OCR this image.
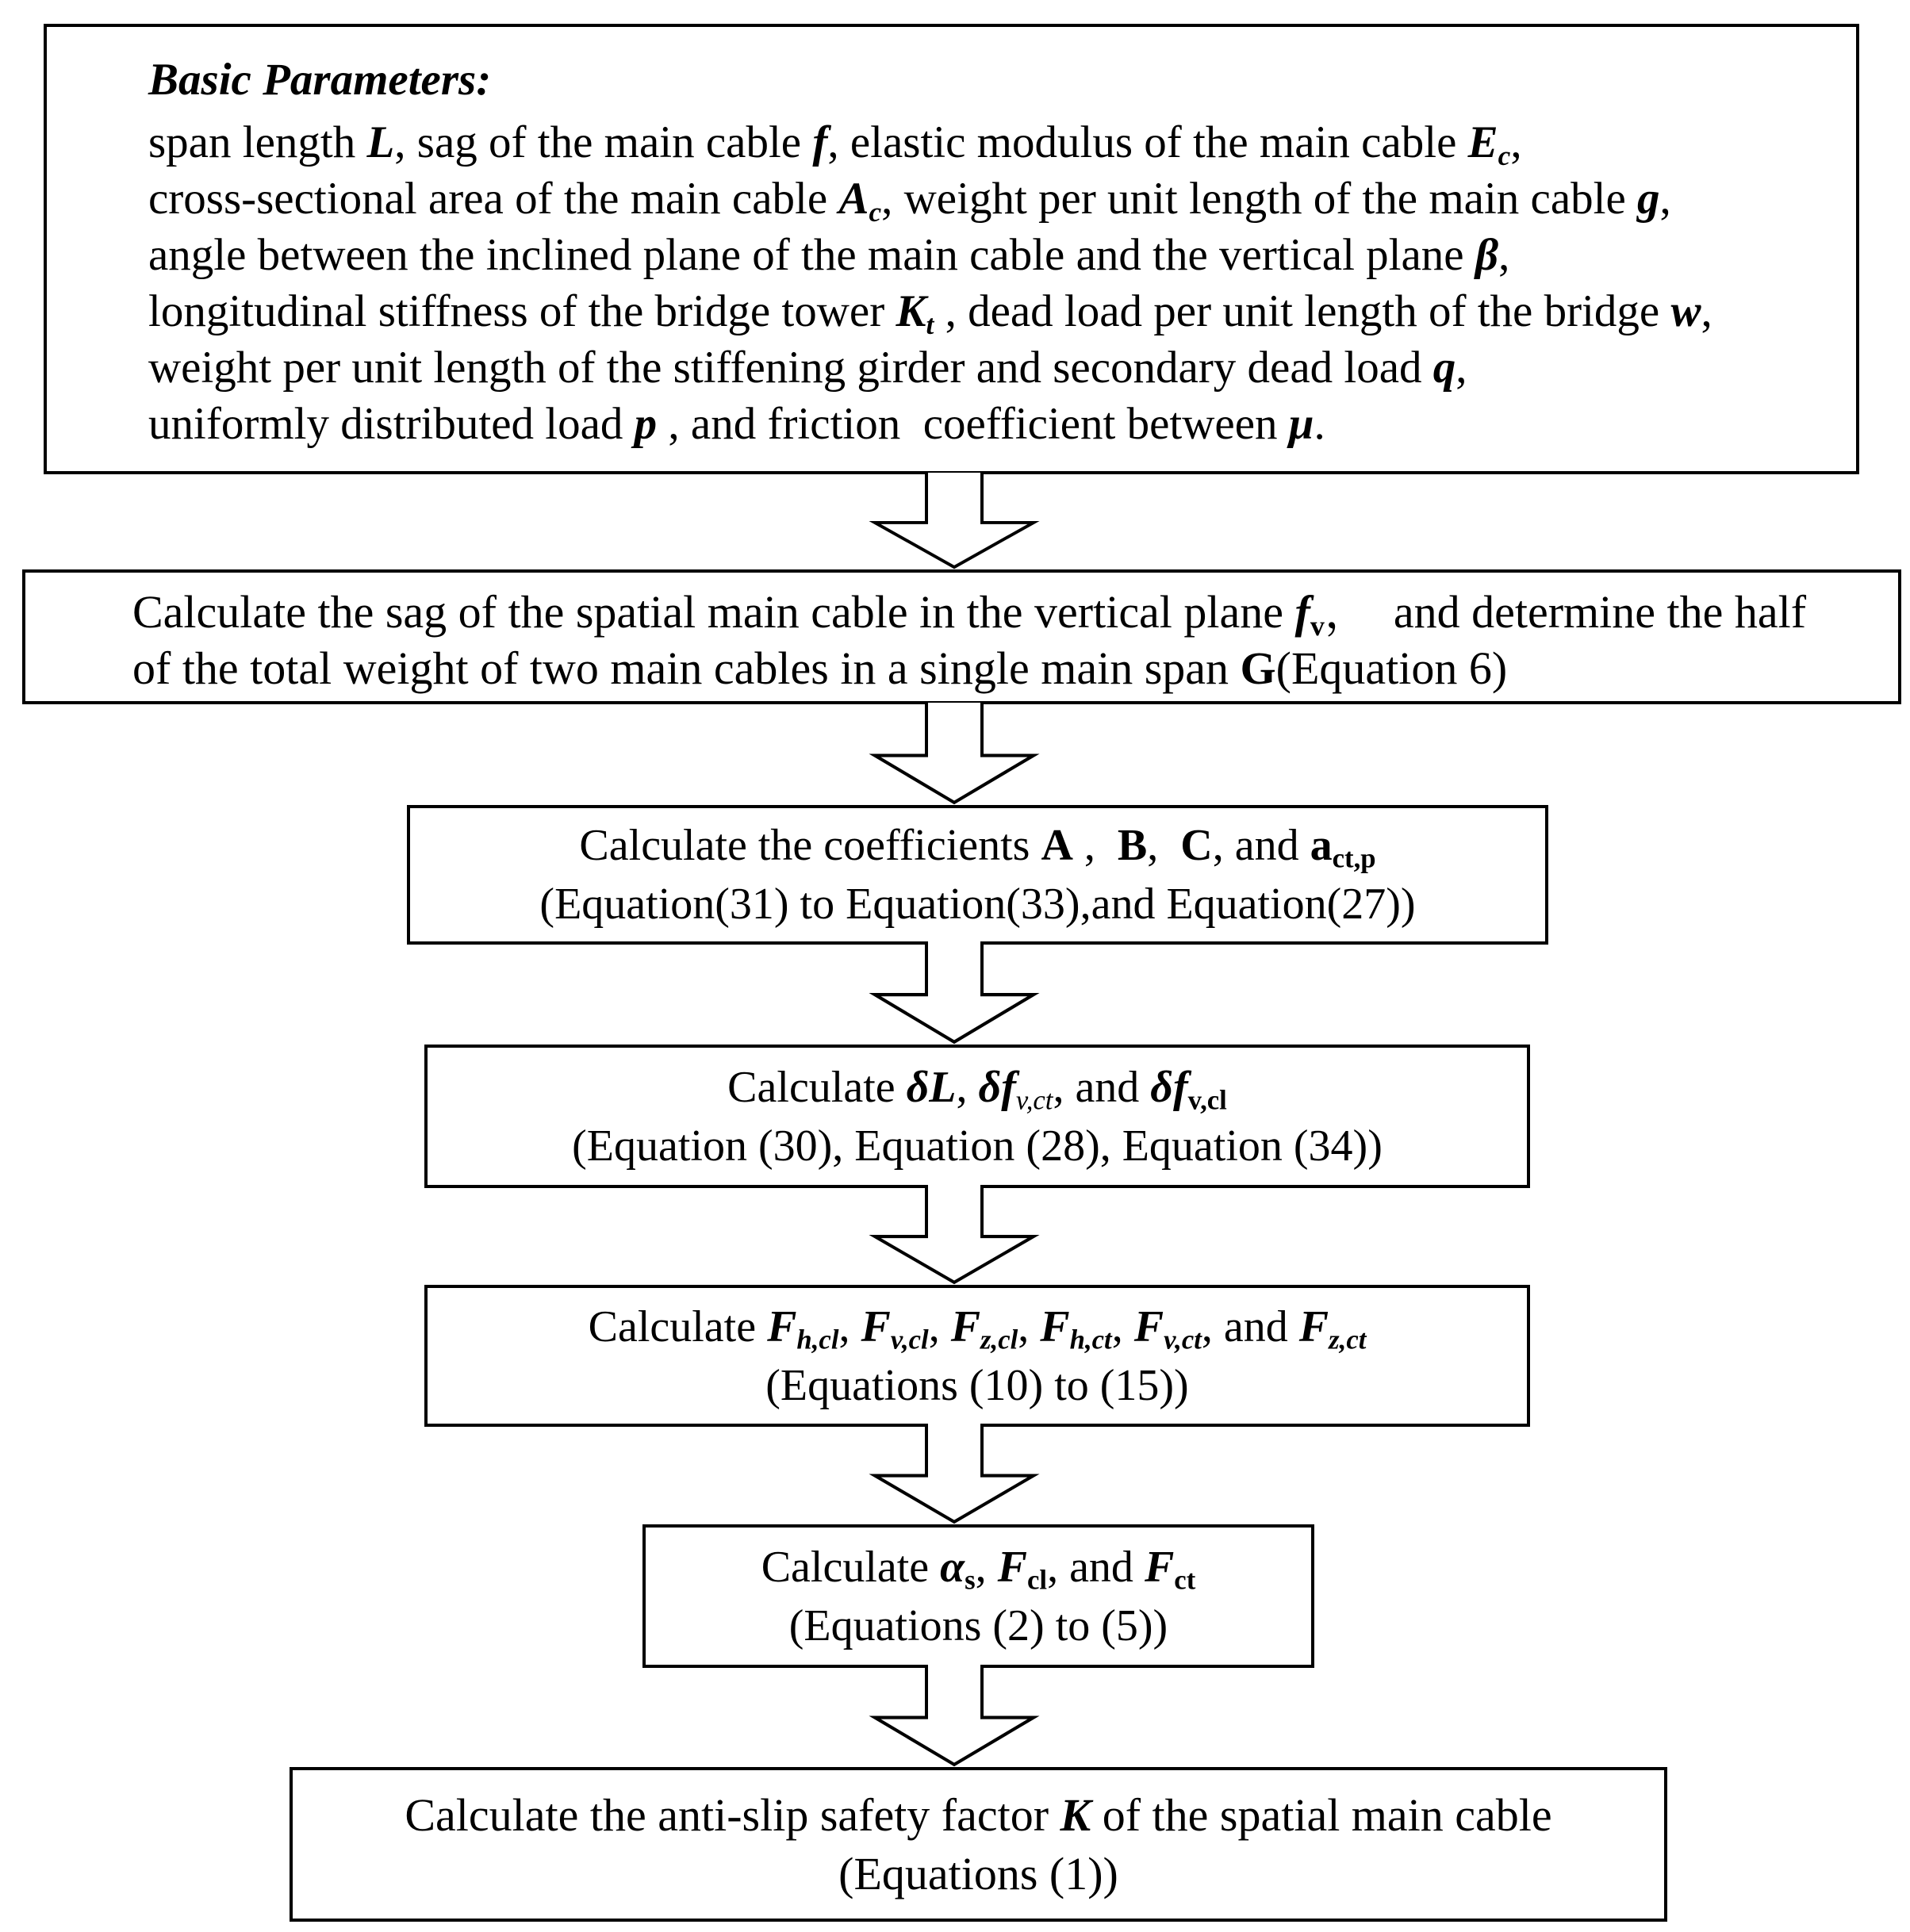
Basic Parameters:
span length L, sag of the main cable f, elastic modulus of the main cable $E_c$,
cross-sectional area of the main cable $A_c$, weight per unit length of the main cable g,
angle between the inclined plane of the main cable and the vertical plane β,
longitudinal stiffness of the bridge tower $K_t$ , dead load per unit length of the bridge w,
weight per unit length of the stiffening girder and secondary dead load q,
uniformly distributed load p , and friction  coefficient between μ.
Calculate the sag of the spatial main cable in the vertical plane $f_v$，  and determine the half
of the total weight of two main cables in a single main span G(Equation 6)
Calculate the coefficients A ,  B,  C, and $a_{ct,p}$
(Equation(31) to Equation(33),and Equation(27))
Calculate δL, $\delta f_{v,ct}$, and $\delta f_{v,cl}$
(Equation (30), Equation (28), Equation (34))
Calculate $F_{h,cl}$, $F_{v,cl}$, $F_{z,cl}$, $F_{h,ct}$, $F_{v,ct}$, and $F_{z,ct}$
(Equations (10) to (15))
Calculate $\alpha_s$, $F_{cl}$, and $F_{ct}$
(Equations (2) to (5))
Calculate the anti-slip safety factor K of the spatial main cable
(Equations (1))
